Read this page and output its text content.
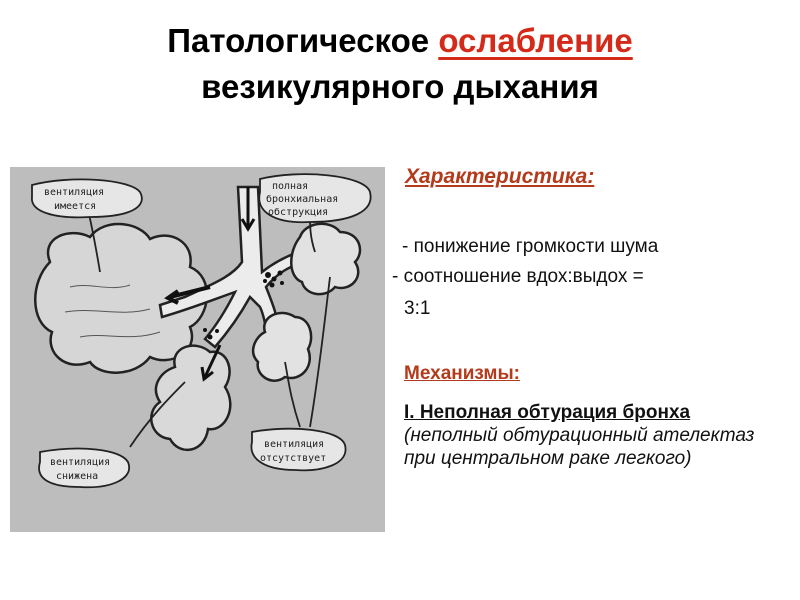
Патологическое ослабление
везикулярного дыхания
вентиляция
имеется
полная
бронхиальная
обструкция
вентиляция
снижена
вентиляция
отсутствует
Характеристика:
- понижение громкости шума
- соотношение вдох:выдох =
3:1
Механизмы:
I. Неполная обтурация бронха (неполный обтурационный ателектаз при центральном раке легкого)
